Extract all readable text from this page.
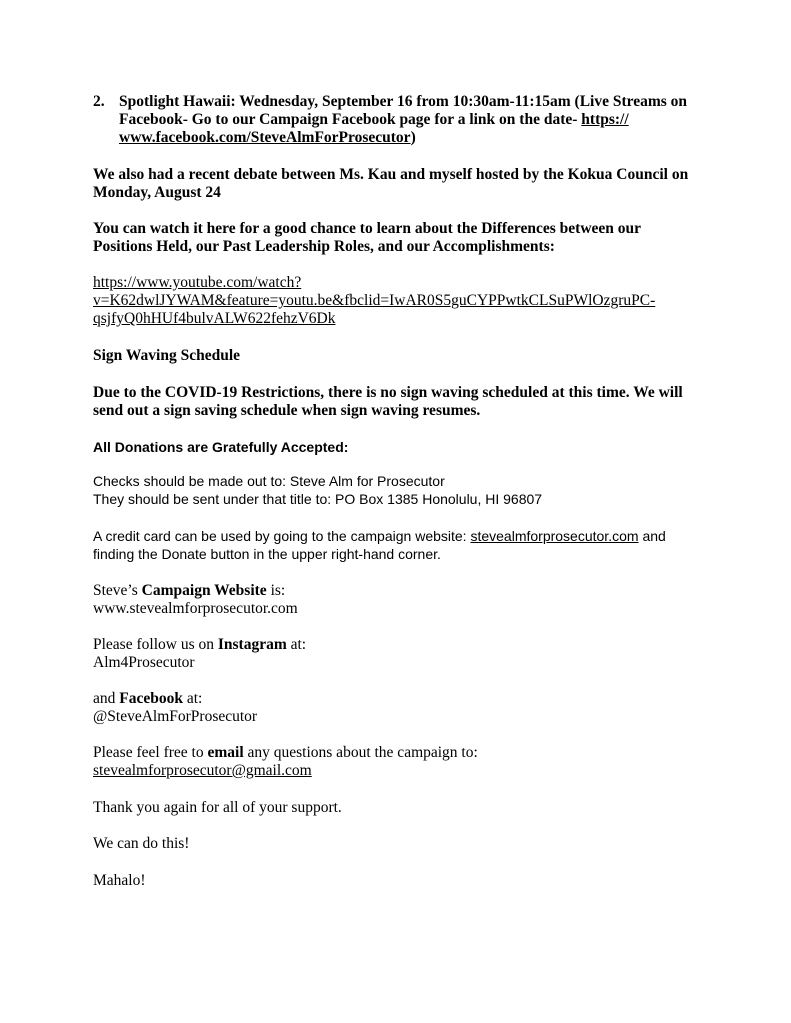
2. Spotlight Hawaii: Wednesday, September 16 from 10:30am-11:15am (Live Streams on
Facebook- Go to our Campaign Facebook page for a link on the date- https://
www.facebook.com/SteveAlmForProsecutor)
We also had a recent debate between Ms. Kau and myself hosted by the Kokua Council on
Monday, August 24
You can watch it here for a good chance to learn about the Differences between our
Positions Held, our Past Leadership Roles, and our Accomplishments:
https://www.youtube.com/watch?
v=K62dwlJYWAM&feature=youtu.be&fbclid=IwAR0S5guCYPPwtkCLSuPWlOzgruPC-
qsjfyQ0hHUf4bulvALW622fehzV6Dk
Sign Waving Schedule
Due to the COVID-19 Restrictions, there is no sign waving scheduled at this time. We will
send out a sign saving schedule when sign waving resumes.
All Donations are Gratefully Accepted:
Checks should be made out to: Steve Alm for Prosecutor
They should be sent under that title to: PO Box 1385 Honolulu, HI 96807
A credit card can be used by going to the campaign website: stevealmforprosecutor.com and
finding the Donate button in the upper right-hand corner.
Steve’s Campaign Website is:
www.stevealmforprosecutor.com
Please follow us on Instagram at:
Alm4Prosecutor
and Facebook at:
@SteveAlmForProsecutor
Please feel free to email any questions about the campaign to:
stevealmforprosecutor@gmail.com
Thank you again for all of your support.
We can do this!
Mahalo!
